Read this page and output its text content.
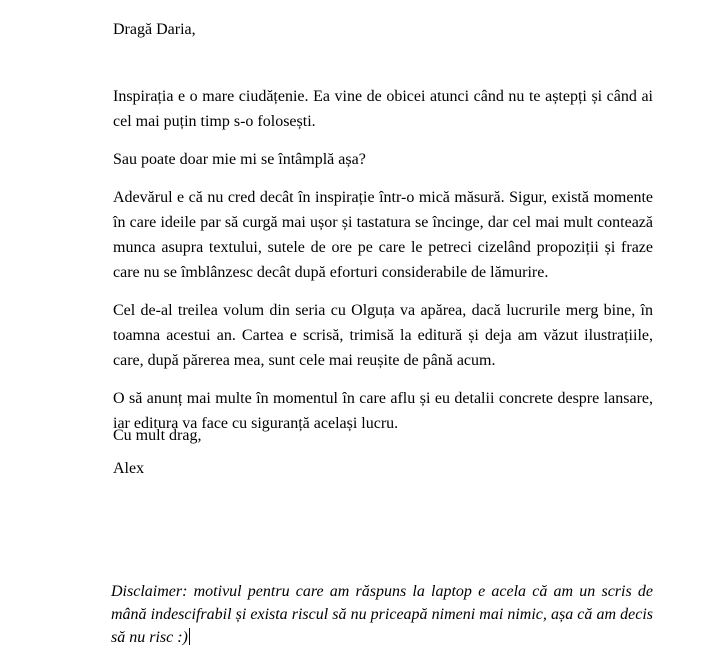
Dragă Daria,

Inspirația e o mare ciudățenie. Ea vine de obicei atunci când nu te aștepți și când ai cel mai puțin timp s-o folosești.

Sau poate doar mie mi se întâmplă așa?

Adevărul e că nu cred decât în inspirație într-o mică măsură. Sigur, există momente în care ideile par să curgă mai ușor și tastatura se încinge, dar cel mai mult contează munca asupra textului, sutele de ore pe care le petreci cizelând propoziții și fraze care nu se îmblânzesc decât după eforturi considerabile de lămurire.

Cel de-al treilea volum din seria cu Olguța va apărea, dacă lucrurile merg bine, în toamna acestui an. Cartea e scrisă, trimisă la editură și deja am văzut ilustrațiile, care, după părerea mea, sunt cele mai reușite de până acum.

O să anunț mai multe în momentul în care aflu și eu detalii concrete despre lansare, iar editura va face cu siguranță același lucru.

Cu mult drag,

Alex

Disclaimer: motivul pentru care am răspuns la laptop e acela că am un scris de mână indescifrabil și exista riscul să nu priceapă nimeni mai nimic, așa că am decis să nu risc :)
